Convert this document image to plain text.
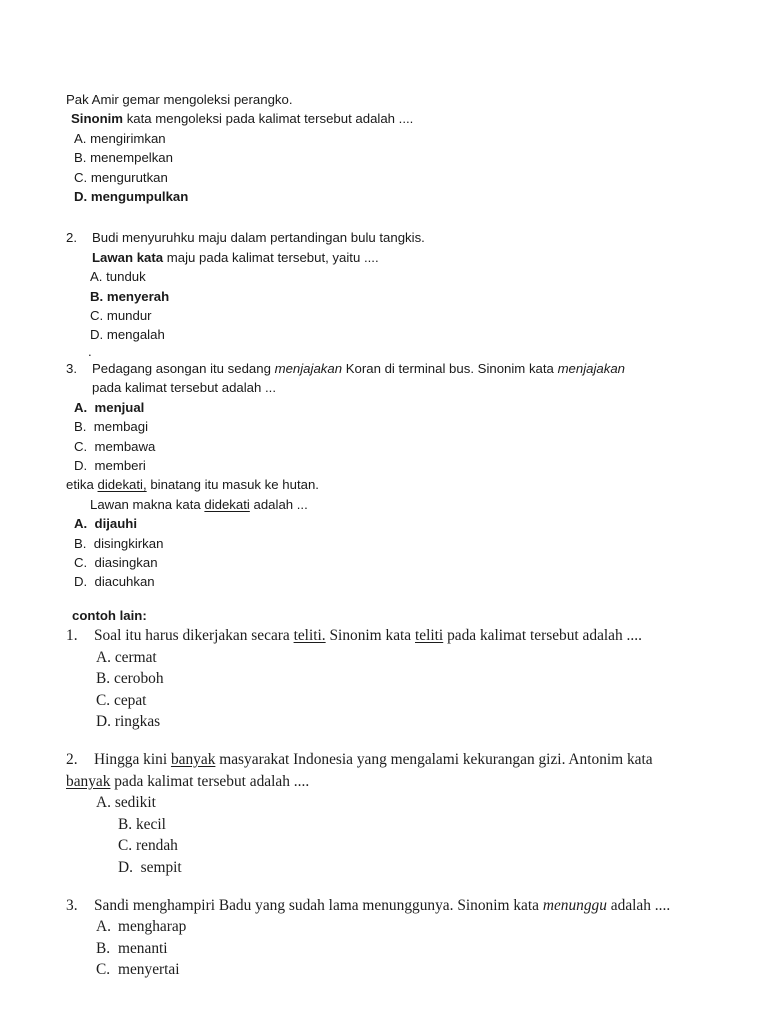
Pak Amir gemar mengoleksi perangko.
Sinonim kata mengoleksi pada kalimat tersebut adalah ....
A. mengirimkan
B. menempelkan
C. mengurutkan
D. mengumpulkan
2.	Budi menyuruhku maju dalam pertandingan bulu tangkis.
Lawan kata maju pada kalimat tersebut, yaitu ....
A. tunduk
B. menyerah
C. mundur
D. mengalah
.
3.	Pedagang asongan itu sedang menjajakan Koran di terminal bus. Sinonim kata menjajakan
pada kalimat tersebut adalah ...
A. menjual
B. membagi
C. membawa
D. memberi
etika didekati, binatang itu masuk ke hutan.
Lawan makna kata didekati adalah ...
A. dijauhi
B. disingkirkan
C. diasingkan
D. diacuhkan
contoh lain:
1.	Soal itu harus dikerjakan secara teliti. Sinonim kata teliti pada kalimat tersebut adalah ....
A. cermat
B. ceroboh
C. cepat
D. ringkas
2.	Hingga kini banyak masyarakat Indonesia yang mengalami kekurangan gizi. Antonim kata
banyak pada kalimat tersebut adalah ....
A. sedikit
B. kecil
C. rendah
D. sempit
3.	Sandi menghampiri Badu yang sudah lama menunggunya. Sinonim kata menunggu adalah ....
A. mengharap
B. menanti
C. menyertai
